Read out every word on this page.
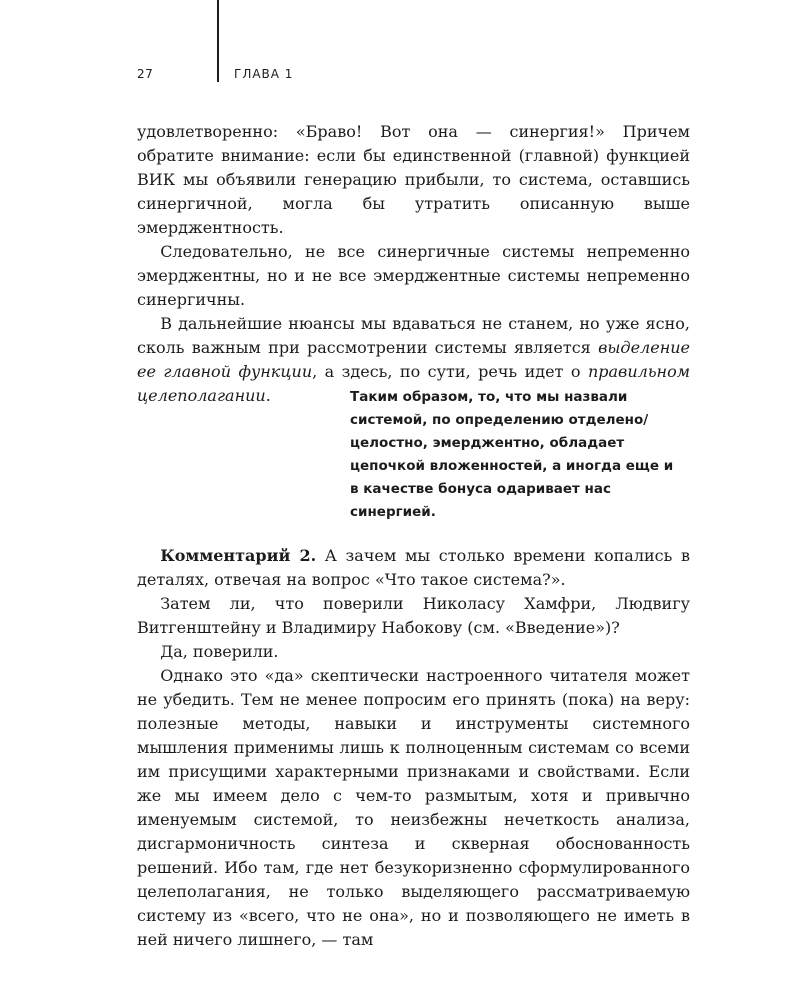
27	ГЛАВА 1

удовлетворенно: «Браво! Вот она — синергия!» Причем обратите внимание: если бы единственной (главной) функцией ВИК мы объявили генерацию прибыли, то система, оставшись синергичной, могла бы утратить описанную выше эмерджентность.

Следовательно, не все синергичные системы непременно эмерджентны, но и не все эмерджентные системы непременно синергичны.

В дальнейшие нюансы мы вдаваться не станем, но уже ясно, сколь важным при рассмотрении системы является выделение ее главной функции, а здесь, по сути, речь идет о правильном целеполагании.	Таким образом, то, что мы назвали системой, по определению отделено/целостно, эмерджентно, обладает цепочкой вложенностей, а иногда еще и в качестве бонуса одаривает нас синергией.

Комментарий 2. А зачем мы столько времени копались в деталях, отвечая на вопрос «Что такое система?».

Затем ли, что поверили Николасу Хамфри, Людвигу Витгенштейну и Владимиру Набокову (см. «Введение»)?

Да, поверили.

Однако это «да» скептически настроенного читателя может не убедить. Тем не менее попросим его принять (пока) на веру: полезные методы, навыки и инструменты системного мышления применимы лишь к полноценным системам со всеми им присущими характерными признаками и свойствами. Если же мы имеем дело с чем-то размытым, хотя и привычно именуемым системой, то неизбежны нечеткость анализа, дисгармоничность синтеза и скверная обоснованность решений. Ибо там, где нет безукоризненно сформулированного целеполагания, не только выделяющего рассматриваемую систему из «всего, что не она», но и позволяющего не иметь в ней ничего лишнего, — там
